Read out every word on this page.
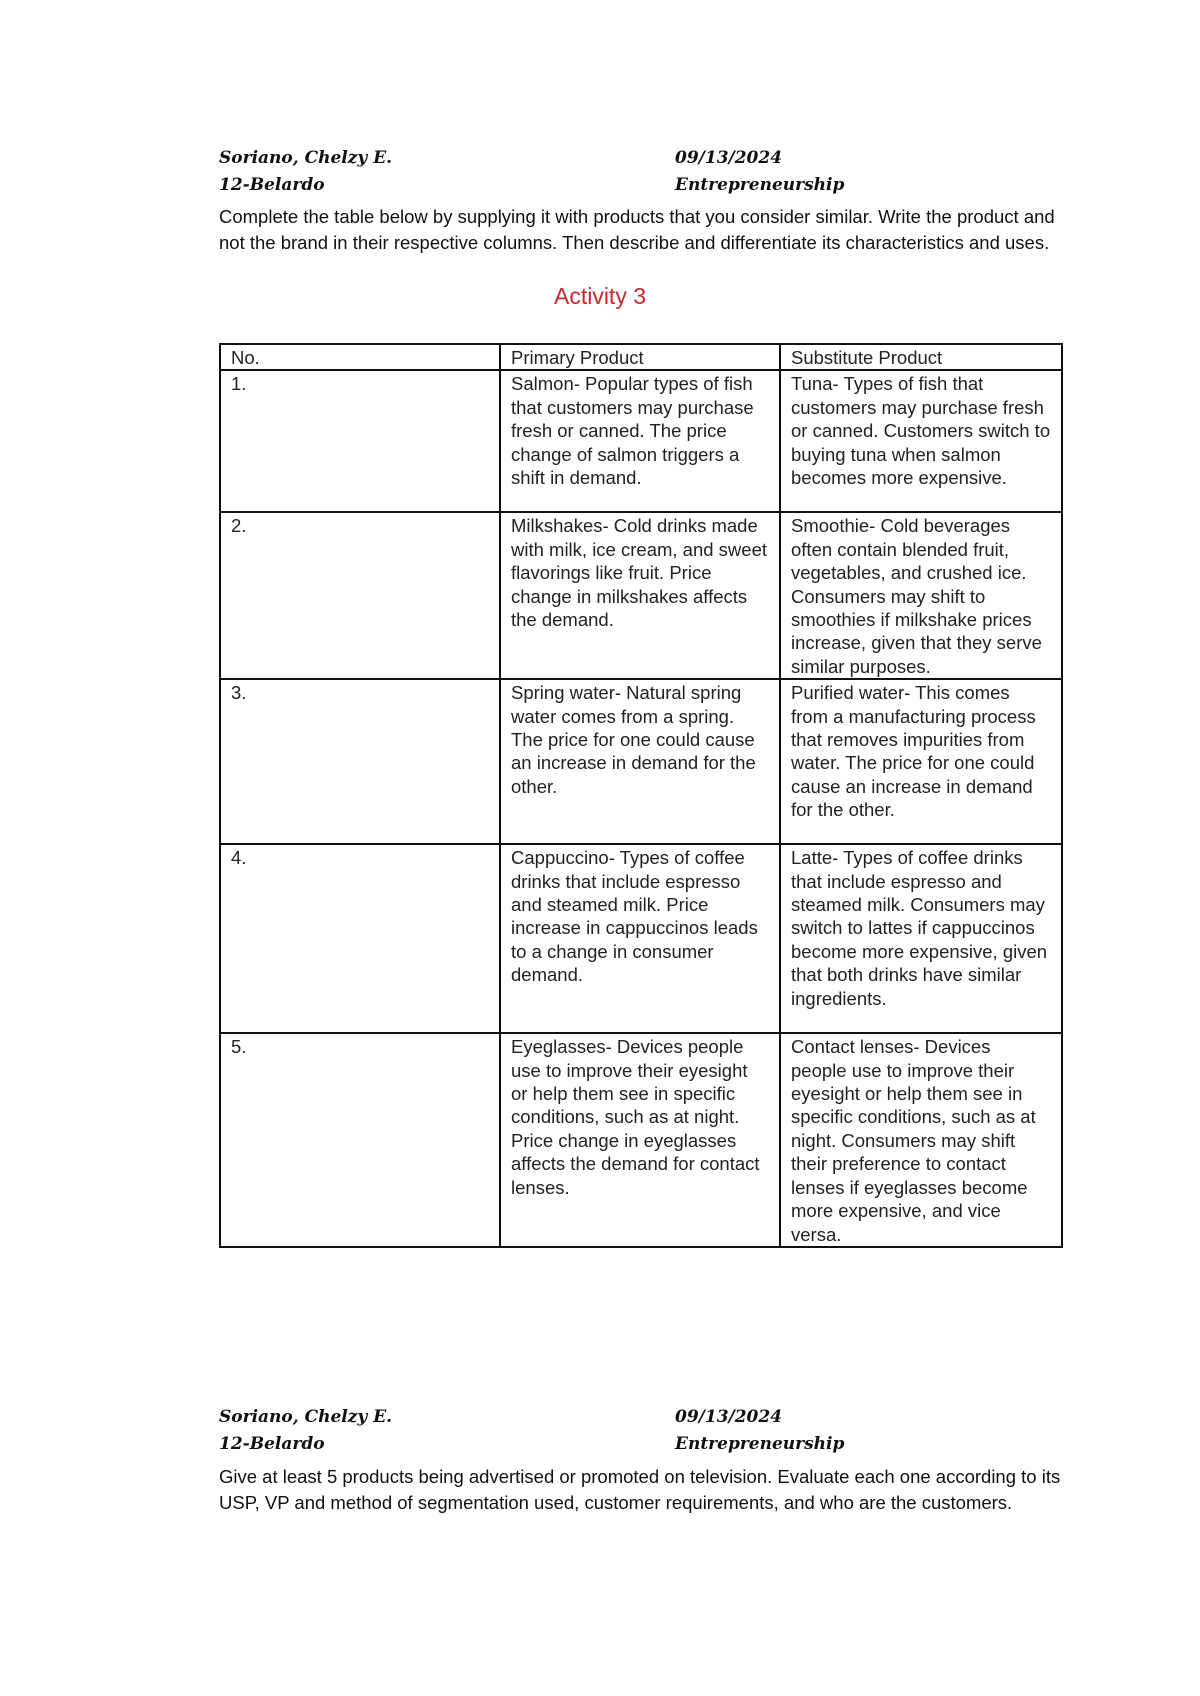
Soriano, Chelzy E.	09/13/2024
12-Belardo	Entrepreneurship
Complete the table below by supplying it with products that you consider similar. Write the product and not the brand in their respective columns. Then describe and differentiate its characteristics and uses.
Activity 3
No.	Primary Product	Substitute Product
1.	Salmon- Popular types of fish that customers may purchase fresh or canned. The price change of salmon triggers a shift in demand.	Tuna- Types of fish that customers may purchase fresh or canned. Customers switch to buying tuna when salmon becomes more expensive.
2.	Milkshakes- Cold drinks made with milk, ice cream, and sweet flavorings like fruit. Price change in milkshakes affects the demand.	Smoothie- Cold beverages often contain blended fruit, vegetables, and crushed ice. Consumers may shift to smoothies if milkshake prices increase, given that they serve similar purposes.
3.	Spring water- Natural spring water comes from a spring. The price for one could cause an increase in demand for the other.	Purified water- This comes from a manufacturing process that removes impurities from water. The price for one could cause an increase in demand for the other.
4.	Cappuccino- Types of coffee drinks that include espresso and steamed milk. Price increase in cappuccinos leads to a change in consumer demand.	Latte- Types of coffee drinks that include espresso and steamed milk. Consumers may switch to lattes if cappuccinos become more expensive, given that both drinks have similar ingredients.
5.	Eyeglasses- Devices people use to improve their eyesight or help them see in specific conditions, such as at night. Price change in eyeglasses affects the demand for contact lenses.	Contact lenses- Devices people use to improve their eyesight or help them see in specific conditions, such as at night. Consumers may shift their preference to contact lenses if eyeglasses become more expensive, and vice versa.
Soriano, Chelzy E.	09/13/2024
12-Belardo	Entrepreneurship
Give at least 5 products being advertised or promoted on television. Evaluate each one according to its USP, VP and method of segmentation used, customer requirements, and who are the customers.
